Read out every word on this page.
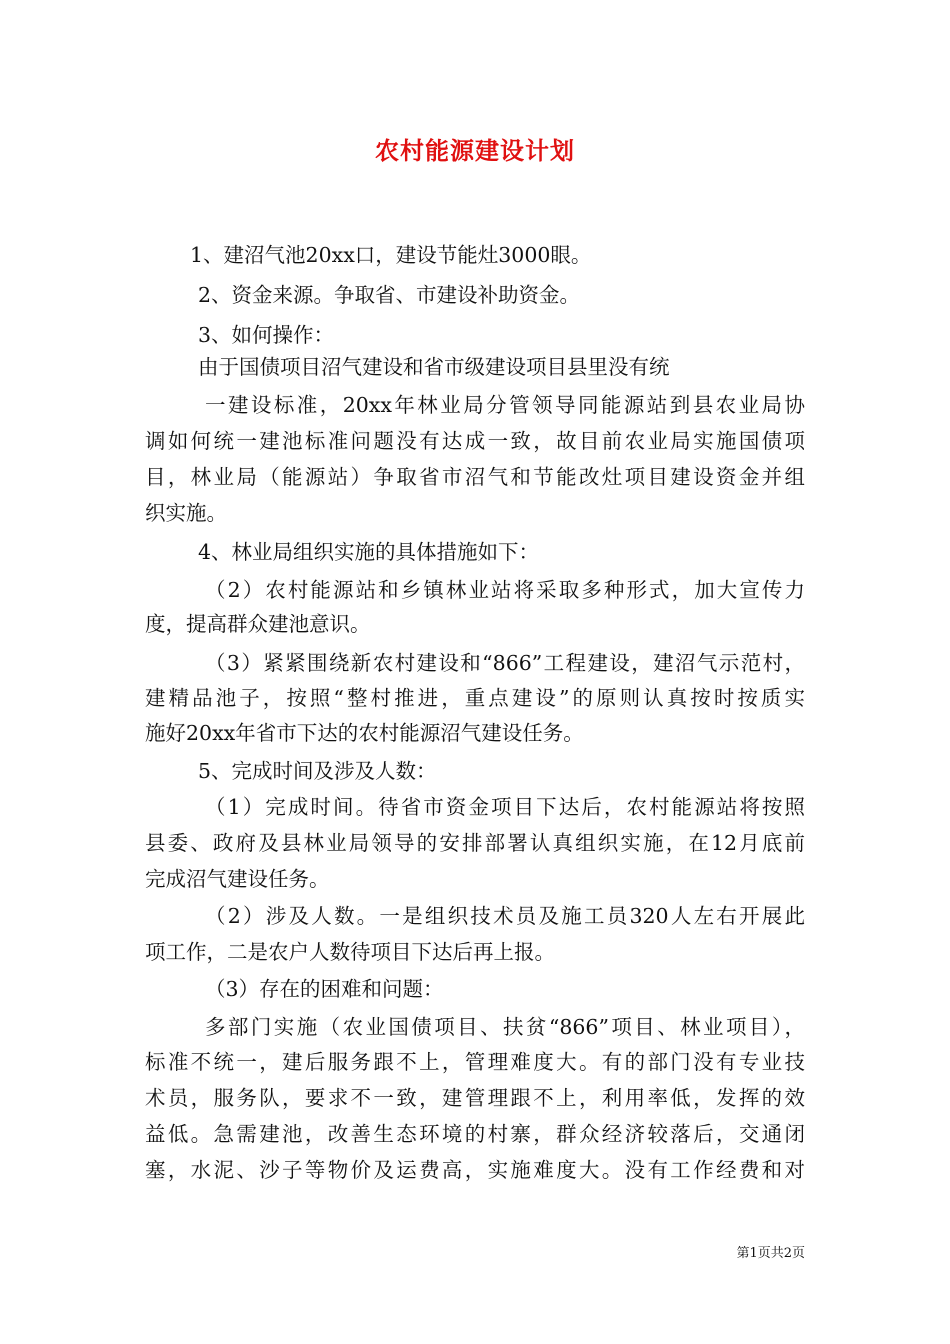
农村能源建设计划
1、建沼气池20xx口，建设节能灶3000眼。
2、资金来源。争取省、市建设补助资金。
3、如何操作：
由于国债项目沼气建设和省市级建设项目县里没有统
一建设标准，20xx年林业局分管领导同能源站到县农业局协
调如何统一建池标准问题没有达成一致，故目前农业局实施国债项
目，林业局（能源站）争取省市沼气和节能改灶项目建设资金并组
织实施。
4、林业局组织实施的具体措施如下：
（2）农村能源站和乡镇林业站将采取多种形式，加大宣传力
度，提高群众建池意识。
（3）紧紧围绕新农村建设和“866”工程建设，建沼气示范村，
建精品池子，按照“整村推进，重点建设”的原则认真按时按质实
施好20xx年省市下达的农村能源沼气建设任务。
5、完成时间及涉及人数：
（1）完成时间。待省市资金项目下达后，农村能源站将按照
县委、政府及县林业局领导的安排部署认真组织实施，在12月底前
完成沼气建设任务。
（2）涉及人数。一是组织技术员及施工员320人左右开展此
项工作，二是农户人数待项目下达后再上报。
（3）存在的困难和问题：
多部门实施（农业国债项目、扶贫“866”项目、林业项目），
标准不统一，建后服务跟不上，管理难度大。有的部门没有专业技
术员，服务队，要求不一致，建管理跟不上，利用率低，发挥的效
益低。急需建池，改善生态环境的村寨，群众经济较落后，交通闭
塞，水泥、沙子等物价及运费高，实施难度大。没有工作经费和对
第1页共2页
